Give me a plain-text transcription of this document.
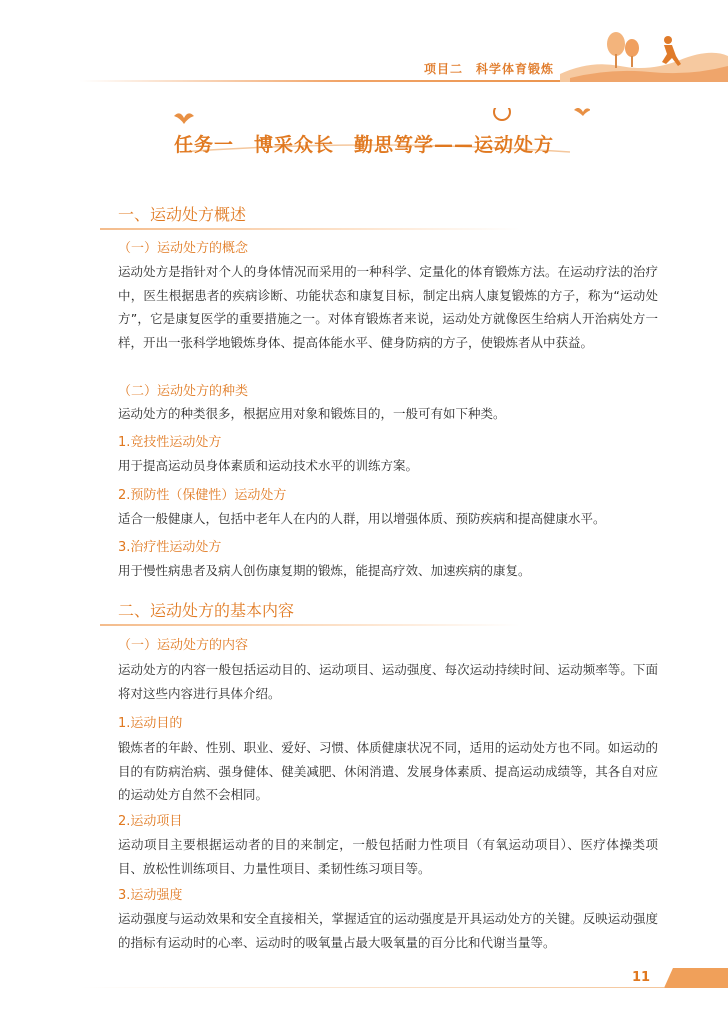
项目二　科学体育锻炼
任务一　博采众长　勤思笃学——运动处方
一、运动处方概述
（一）运动处方的概念
运动处方是指针对个人的身体情况而采用的一种科学、定量化的体育锻炼方法。在运动疗法的治疗中，医生根据患者的疾病诊断、功能状态和康复目标，制定出病人康复锻炼的方子，称为“运动处方”，它是康复医学的重要措施之一。对体育锻炼者来说，运动处方就像医生给病人开治病处方一样，开出一张科学地锻炼身体、提高体能水平、健身防病的方子，使锻炼者从中获益。
（二）运动处方的种类
运动处方的种类很多，根据应用对象和锻炼目的，一般可有如下种类。
1.竞技性运动处方
用于提高运动员身体素质和运动技术水平的训练方案。
2.预防性（保健性）运动处方
适合一般健康人，包括中老年人在内的人群，用以增强体质、预防疾病和提高健康水平。
3.治疗性运动处方
用于慢性病患者及病人创伤康复期的锻炼，能提高疗效、加速疾病的康复。
二、运动处方的基本内容
（一）运动处方的内容
运动处方的内容一般包括运动目的、运动项目、运动强度、每次运动持续时间、运动频率等。下面将对这些内容进行具体介绍。
1.运动目的
锻炼者的年龄、性别、职业、爱好、习惯、体质健康状况不同，适用的运动处方也不同。如运动的目的有防病治病、强身健体、健美减肥、休闲消遣、发展身体素质、提高运动成绩等，其各自对应的运动处方自然不会相同。
2.运动项目
运动项目主要根据运动者的目的来制定，一般包括耐力性项目（有氧运动项目）、医疗体操类项目、放松性训练项目、力量性项目、柔韧性练习项目等。
3.运动强度
运动强度与运动效果和安全直接相关，掌握适宜的运动强度是开具运动处方的关键。反映运动强度的指标有运动时的心率、运动时的吸氧量占最大吸氧量的百分比和代谢当量等。
11
